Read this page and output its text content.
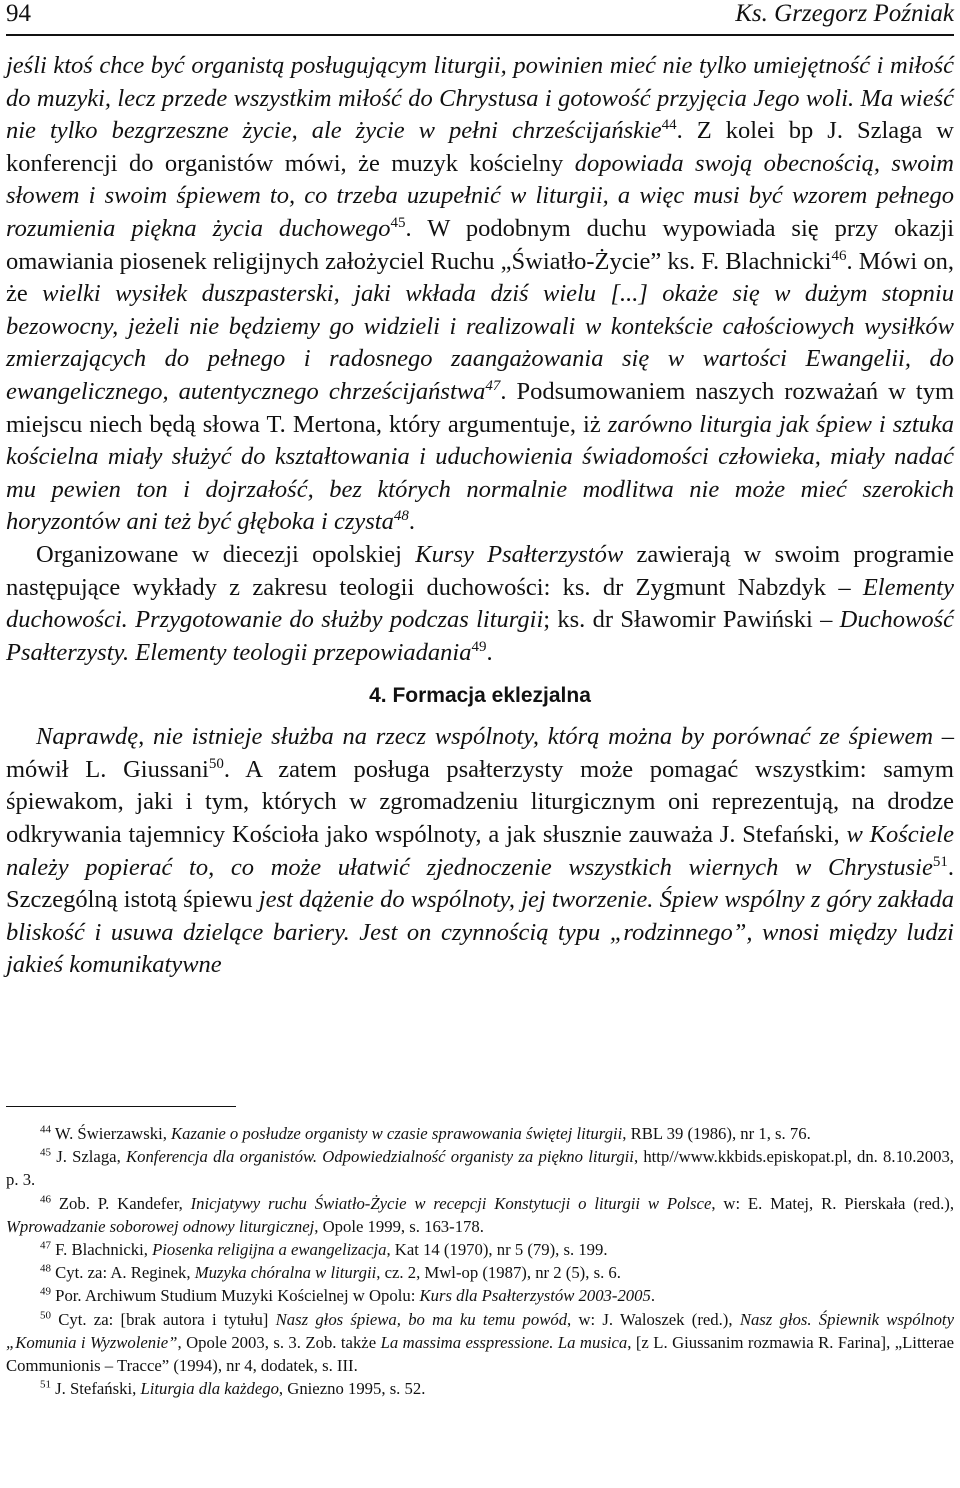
94	Ks. Grzegorz Poźniak

jeśli ktoś chce być organistą posługującym liturgii, powinien mieć nie tylko umiejętność i miłość do muzyki, lecz przede wszystkim miłość do Chrystusa i gotowość przyjęcia Jego woli. Ma wieść nie tylko bezgrzeszne życie, ale życie w pełni chrześcijańskie$^{44}$. Z kolei bp J. Szlaga w konferencji do organistów mówi, że muzyk kościelny dopowiada swoją obecnością, swoim słowem i swoim śpiewem to, co trzeba uzupełnić w liturgii, a więc musi być wzorem pełnego rozumienia piękna życia duchowego$^{45}$. W podobnym duchu wypowiada się przy okazji omawiania piosenek religijnych założyciel Ruchu „Światło-Życie” ks. F. Blachnicki$^{46}$. Mówi on, że wielki wysiłek duszpasterski, jaki wkłada dziś wielu [...] okaże się w dużym stopniu bezowocny, jeżeli nie będziemy go widzieli i realizowali w kontekście całościowych wysiłków zmierzających do pełnego i radosnego zaangażowania się w wartości Ewangelii, do ewangelicznego, autentycznego chrześcijaństwa$^{47}$. Podsumowaniem naszych rozważań w tym miejscu niech będą słowa T. Mertona, który argumentuje, iż zarówno liturgia jak śpiew i sztuka kościelna miały służyć do kształtowania i uduchowienia świadomości człowieka, miały nadać mu pewien ton i dojrzałość, bez których normalnie modlitwa nie może mieć szerokich horyzontów ani też być głęboka i czysta$^{48}$.

Organizowane w diecezji opolskiej Kursy Psałterzystów zawierają w swoim programie następujące wykłady z zakresu teologii duchowości: ks. dr Zygmunt Nabzdyk – Elementy duchowości. Przygotowanie do służby podczas liturgii; ks. dr Sławomir Pawiński – Duchowość Psałterzysty. Elementy teologii przepowiadania$^{49}$.

4. Formacja eklezjalna

Naprawdę, nie istnieje służba na rzecz wspólnoty, którą można by porównać ze śpiewem – mówił L. Giussani$^{50}$. A zatem posługa psałterzysty może pomagać wszystkim: samym śpiewakom, jaki i tym, których w zgromadzeniu liturgicznym oni reprezentują, na drodze odkrywania tajemnicy Kościoła jako wspólnoty, a jak słusznie zauważa J. Stefański, w Kościele należy popierać to, co może ułatwić zjednoczenie wszystkich wiernych w Chrystusie$^{51}$. Szczególną istotą śpiewu jest dążenie do wspólnoty, jej tworzenie. Śpiew wspólny z góry zakłada bliskość i usuwa dzielące bariery. Jest on czynnością typu „rodzinnego”, wnosi między ludzi jakieś komunikatywne

$^{44}$ W. Świerzawski, Kazanie o posłudze organisty w czasie sprawowania świętej liturgii, RBL 39 (1986), nr 1, s. 76.

$^{45}$ J. Szlaga, Konferencja dla organistów. Odpowiedzialność organisty za piękno liturgii, http//www.kkbids.episkopat.pl, dn. 8.10.2003, p. 3.

$^{46}$ Zob. P. Kandefer, Inicjatywy ruchu Światło-Życie w recepcji Konstytucji o liturgii w Polsce, w: E. Matej, R. Pierskała (red.), Wprowadzanie soborowej odnowy liturgicznej, Opole 1999, s. 163-178.

$^{47}$ F. Blachnicki, Piosenka religijna a ewangelizacja, Kat 14 (1970), nr 5 (79), s. 199.

$^{48}$ Cyt. za: A. Reginek, Muzyka chóralna w liturgii, cz. 2, Mwl-op (1987), nr 2 (5), s. 6.

$^{49}$ Por. Archiwum Studium Muzyki Kościelnej w Opolu: Kurs dla Psałterzystów 2003-2005.

$^{50}$ Cyt. za: [brak autora i tytułu] Nasz głos śpiewa, bo ma ku temu powód, w: J. Waloszek (red.), Nasz głos. Śpiewnik wspólnoty „Komunia i Wyzwolenie”, Opole 2003, s. 3. Zob. także La massima esspressione. La musica, [z L. Giussanim rozmawia R. Farina], „Litterae Communionis – Tracce” (1994), nr 4, dodatek, s. III.

$^{51}$ J. Stefański, Liturgia dla każdego, Gniezno 1995, s. 52.
